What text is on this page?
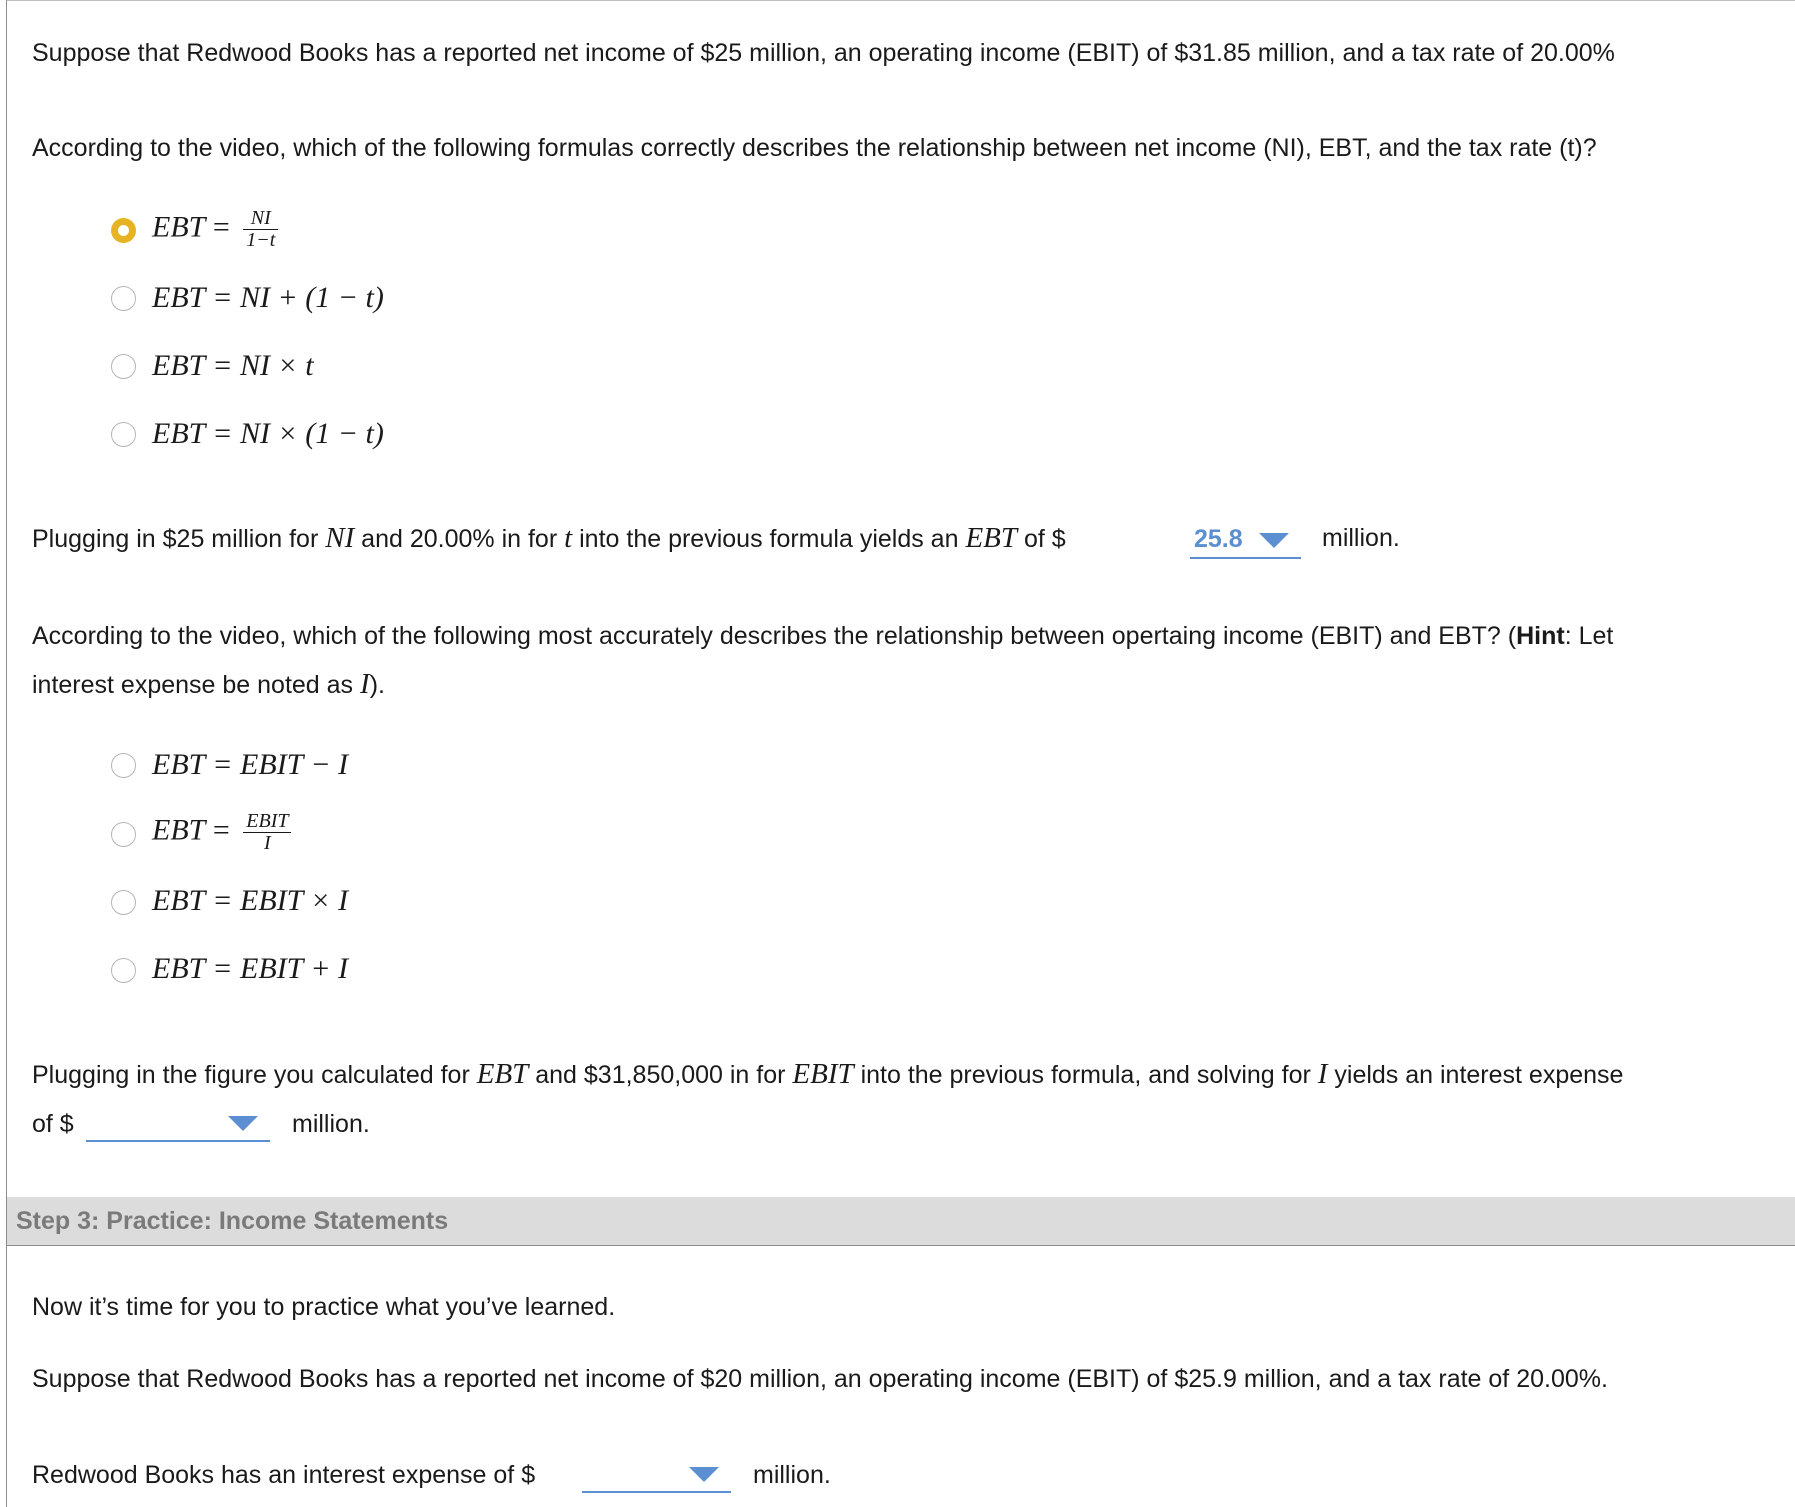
Suppose that Redwood Books has a reported net income of $25 million, an operating income (EBIT) of $31.85 million, and a tax rate of 20.00%
According to the video, which of the following formulas correctly describes the relationship between net income (NI), EBT, and the tax rate (t)?
EBT = $\frac{NI}{1-t}$
EBT = NI + (1 − t)
EBT = NI × t
EBT = NI × (1 − t)
Plugging in $25 million for NI and 20.00% in for t into the previous formula yields an EBT of $	25.8	million.
According to the video, which of the following most accurately describes the relationship between opertaing income (EBIT) and EBT? (Hint: Let
interest expense be noted as I).
EBT = EBIT − I
EBT = $\frac{\text{EBIT}}{I}$
EBT = EBIT × I
EBT = EBIT + I
Plugging in the figure you calculated for EBT and $31,850,000 in for EBIT into the previous formula, and solving for I yields an interest expense
of $	million.
Step 3: Practice: Income Statements
Now it’s time for you to practice what you’ve learned.
Suppose that Redwood Books has a reported net income of $20 million, an operating income (EBIT) of $25.9 million, and a tax rate of 20.00%.
Redwood Books has an interest expense of $	million.
